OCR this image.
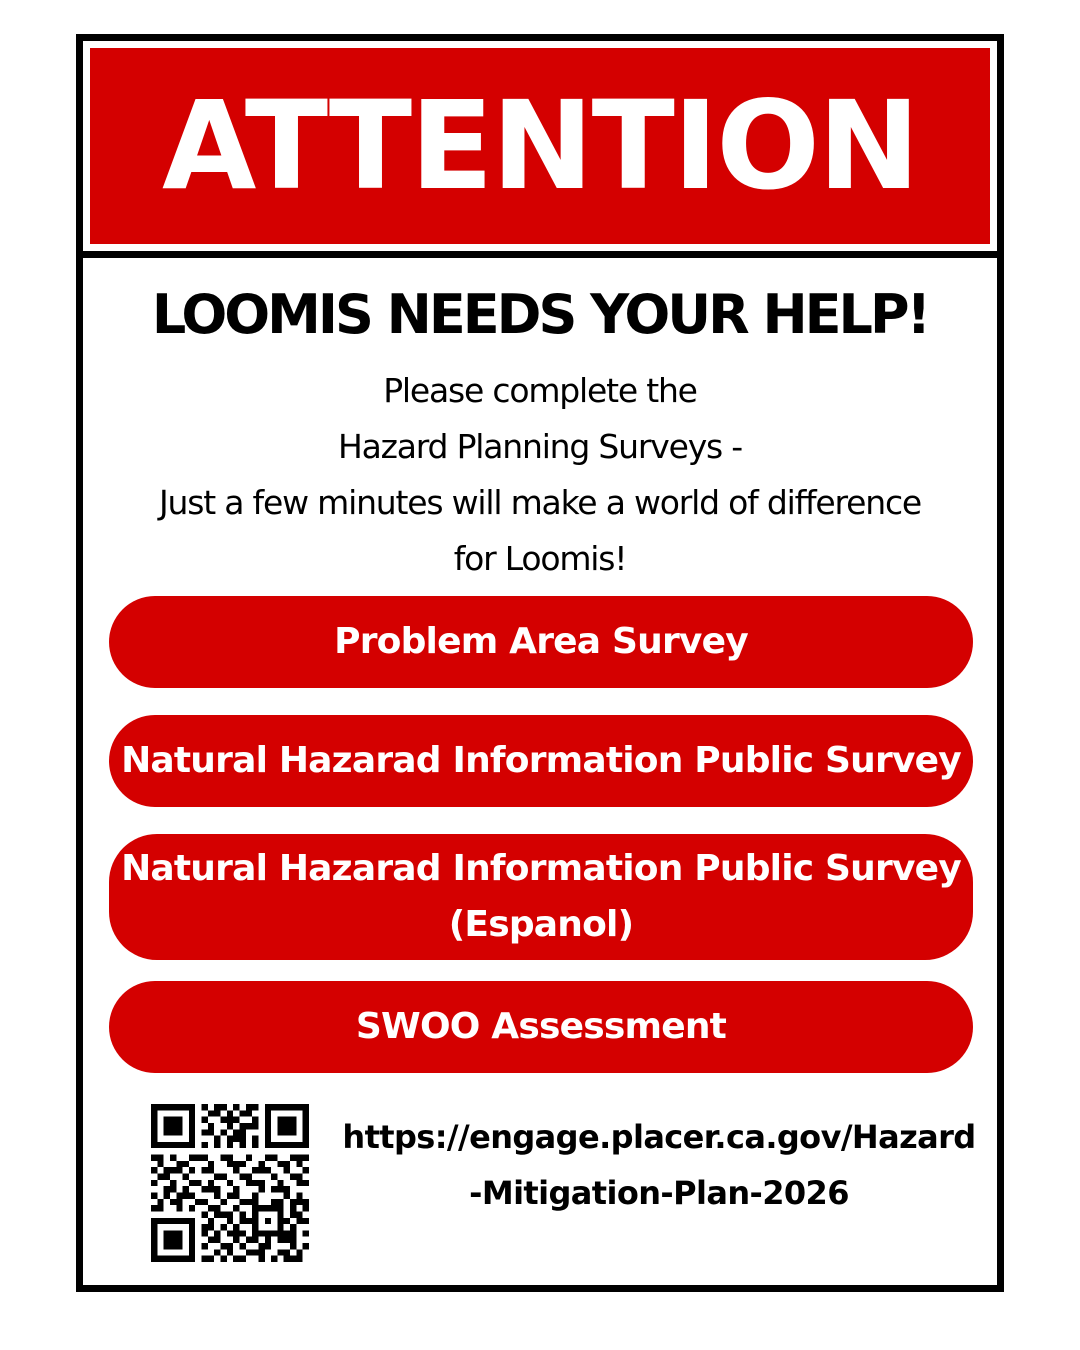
ATTENTION
LOOMIS NEEDS YOUR HELP!
Please complete the
Hazard Planning Surveys -
Just a few minutes will make a world of difference
for Loomis!
Problem Area Survey
Natural Hazarad Information Public Survey
Natural Hazarad Information Public Survey
(Espanol)
SWOO Assessment
https://engage.placer.ca.gov/Hazard
-Mitigation-Plan-2026
